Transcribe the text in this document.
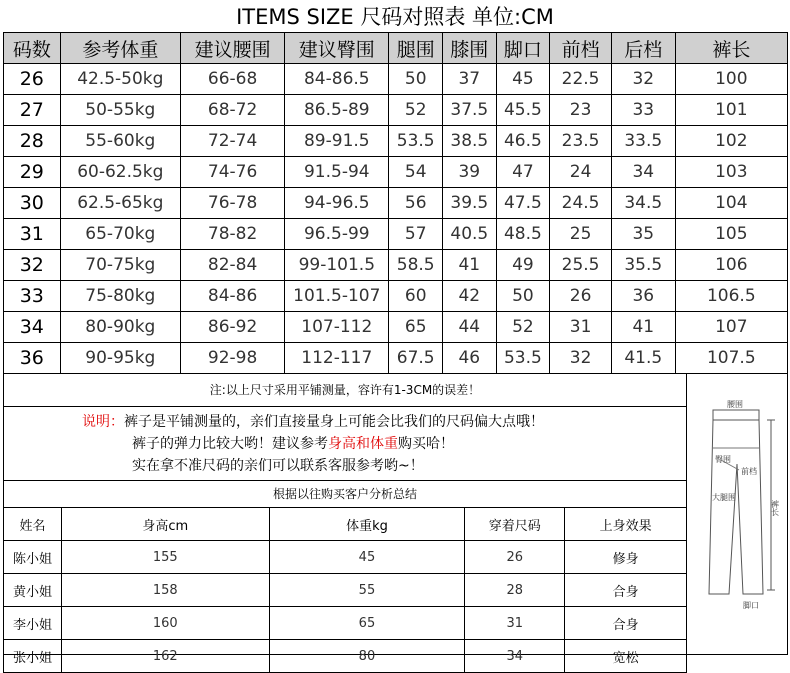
ITEMS SIZE 尺码对照表 单位:CM
码数	参考体重	建议腰围	建议臀围	腿围	膝围	脚口	前档	后档	裤长
26	42.5-50kg	66-68	84-86.5	50	37	45	22.5	32	100
27	50-55kg	68-72	86.5-89	52	37.5	45.5	23	33	101
28	55-60kg	72-74	89-91.5	53.5	38.5	46.5	23.5	33.5	102
29	60-62.5kg	74-76	91.5-94	54	39	47	24	34	103
30	62.5-65kg	76-78	94-96.5	56	39.5	47.5	24.5	34.5	104
31	65-70kg	78-82	96.5-99	57	40.5	48.5	25	35	105
32	70-75kg	82-84	99-101.5	58.5	41	49	25.5	35.5	106
33	75-80kg	84-86	101.5-107	60	42	50	26	36	106.5
34	80-90kg	86-92	107-112	65	44	52	31	41	107
36	90-95kg	92-98	112-117	67.5	46	53.5	32	41.5	107.5
注:以上尺寸采用平铺测量，容许有1-3CM的误差！
说明：裤子是平铺测量的，亲们直接量身上可能会比我们的尺码偏大点哦！
裤子的弹力比较大哟！建议参考身高和体重购买哈！
实在拿不准尺码的亲们可以联系客服参考哟~！
根据以往购买客户分析总结
姓名	身高cm	体重kg	穿着尺码	上身效果
陈小姐	155	45	26	修身
黄小姐	158	55	28	合身
李小姐	160	65	31	合身
张小姐	162	80	34	宽松
腰围
臀围
前档
大腿围
裤长
脚口
